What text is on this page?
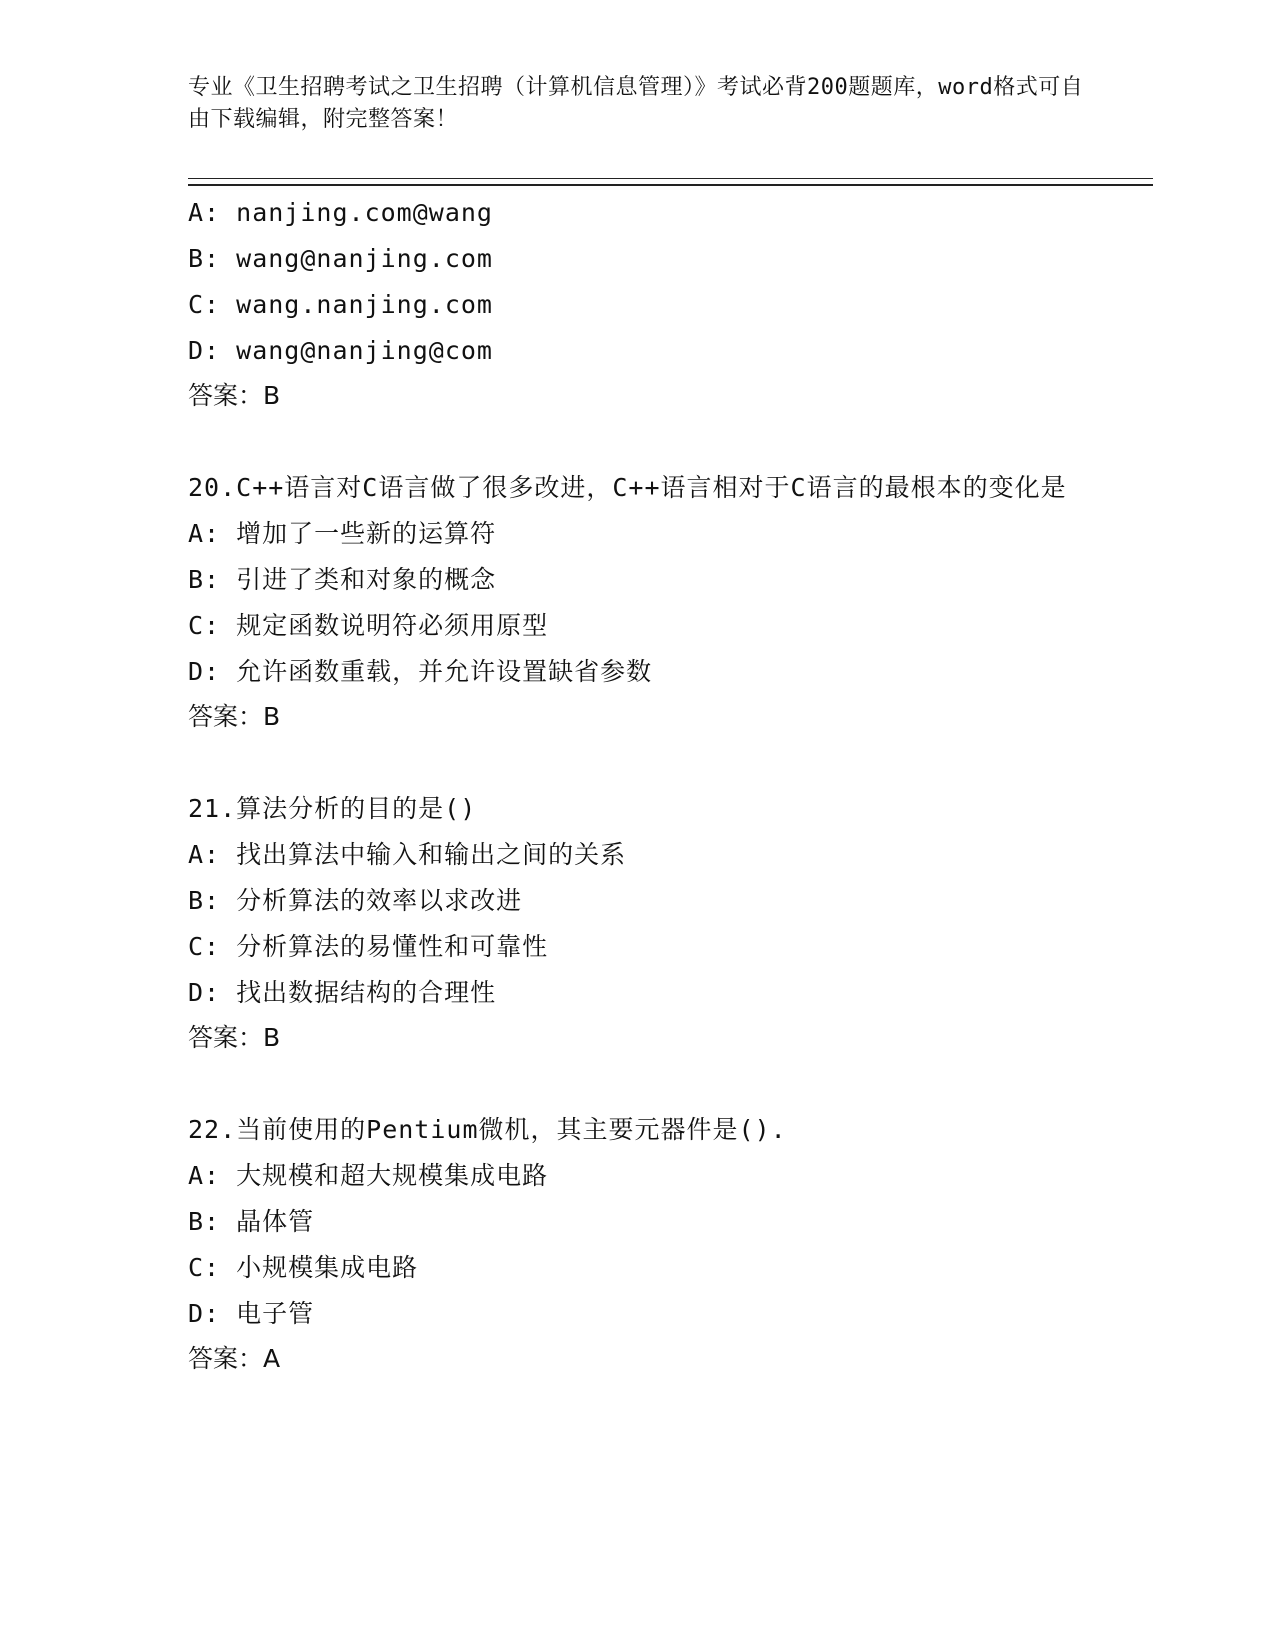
专业《卫生招聘考试之卫生招聘（计算机信息管理）》考试必背200题题库，word格式可自由下载编辑，附完整答案！
A: nanjing.com@wang
B: wang@nanjing.com
C: wang.nanjing.com
D: wang@nanjing@com
答案：B
20.C++语言对C语言做了很多改进，C++语言相对于C语言的最根本的变化是
A: 增加了一些新的运算符
B: 引进了类和对象的概念
C: 规定函数说明符必须用原型
D: 允许函数重载，并允许设置缺省参数
答案：B
21.算法分析的目的是()
A: 找出算法中输入和输出之间的关系
B: 分析算法的效率以求改进
C: 分析算法的易懂性和可靠性
D: 找出数据结构的合理性
答案：B
22.当前使用的Pentium微机，其主要元器件是().
A: 大规模和超大规模集成电路
B: 晶体管
C: 小规模集成电路
D: 电子管
答案：A
